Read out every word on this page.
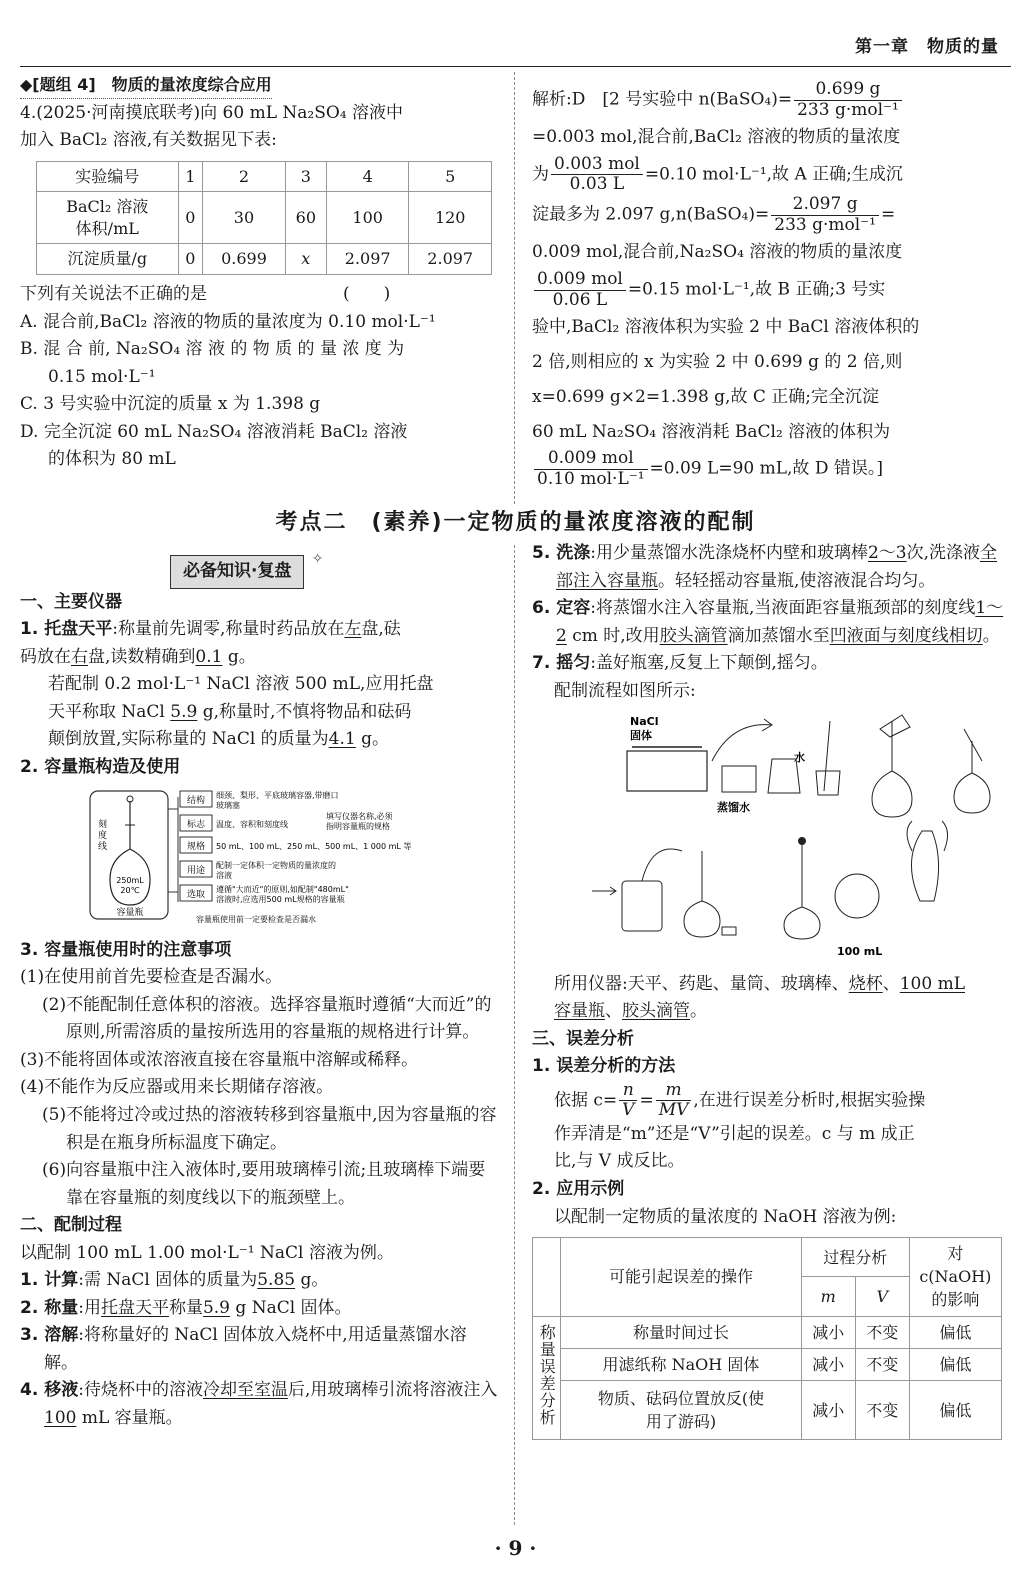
第一章　物质的量

◆[题组 4]　物质的量浓度综合应用

4.(2025·河南摸底联考)向 60 mL Na₂SO₄ 溶液中

加入 BaCl₂ 溶液,有关数据见下表:

实验编号	1	2	3	4	5
BaCl₂ 溶液
体积/mL	0	30	60	100	120
沉淀质量/g	0	0.699	x	2.097	2.097

下列有关说法不正确的是　　　　　　　　(　　)

A. 混合前,BaCl₂ 溶液的物质的量浓度为 0.10 mol·L⁻¹

B. 混 合 前, Na₂SO₄ 溶 液 的 物 质 的 量 浓 度 为

0.15 mol·L⁻¹

C. 3 号实验中沉淀的质量 x 为 1.398 g

D. 完全沉淀 60 mL Na₂SO₄ 溶液消耗 BaCl₂ 溶液

的体积为 80 mL

解析:D　[2 号实验中 n(BaSO₄)= $\frac{0.699 g}{\text{233 g·mol⁻¹}}$

=0.003 mol,混合前,BaCl₂ 溶液的物质的量浓度

为 $\frac{\text{0.003 mol}}{0.03 L} =0.10$ mol·L⁻¹,故 A 正确;生成沉

淀最多为 2.097 g,n(BaSO₄)= $\frac{2.097 g}{\text{233 g·mol⁻¹}}$ =

0.009 mol,混合前,Na₂SO₄ 溶液的物质的量浓度

$\frac{\text{0.009 mol}}{0.06 L} =0.15$ mol·L⁻¹,故 B 正确;3 号实

验中,BaCl₂ 溶液体积为实验 2 中 BaCl 溶液体积的

2 倍,则相应的 x 为实验 2 中 0.699 g 的 2 倍,则

x=0.699 g×2=1.398 g,故 C 正确;完全沉淀

60 mL Na₂SO₄ 溶液消耗 BaCl₂ 溶液的体积为

$\frac{\text{0.009 mol}}{\text{0.10 mol·L⁻¹}} =0.09$ L=90 mL,故 D 错误。]

考点二　(素养)一定物质的量浓度溶液的配制

必备知识·复盘
✧

一、主要仪器

1. 托盘天平:称量前先调零,称量时药品放在左盘,砝

码放在右盘,读数精确到0.1 g。

若配制 0.2 mol·L⁻¹ NaCl 溶液 500 mL,应用托盘

天平称取 NaCl 5.9 g,称量时,不慎将物品和砝码

颠倒放置,实际称量的 NaCl 的质量为4.1 g。

2. 容量瓶构造及使用

刻度线
250mL
20℃
容量瓶
结构
细颈、梨形、平底玻璃容器,带磨口
玻璃塞
标志 温度、容积和刻度线
填写仪器名称,必须指明容量瓶的规格
规格 50 mL、100 mL、250 mL、500 mL、1 000 mL 等
用途
配制一定体积一定物质的量浓度的
溶液
选取
遵循"大而近"的原则,如配制"480mL"
溶液时,应选用500 mL规格的容量瓶
容量瓶使用前一定要检查是否漏水

3. 容量瓶使用时的注意事项

(1)在使用前首先要检查是否漏水。

(2)不能配制任意体积的溶液。选择容量瓶时遵循“大而近”的原则,所需溶质的量按所选用的容量瓶的规格进行计算。

(3)不能将固体或浓溶液直接在容量瓶中溶解或稀释。

(4)不能作为反应器或用来长期储存溶液。

(5)不能将过冷或过热的溶液转移到容量瓶中,因为容量瓶的容积是在瓶身所标温度下确定。

(6)向容量瓶中注入液体时,要用玻璃棒引流;且玻璃棒下端要靠在容量瓶的刻度线以下的瓶颈壁上。

二、配制过程

以配制 100 mL 1.00 mol·L⁻¹ NaCl 溶液为例。

1. 计算:需 NaCl 固体的质量为5.85 g。

2. 称量:用托盘天平称量5.9 g NaCl 固体。

3. 溶解:将称量好的 NaCl 固体放入烧杯中,用适量蒸馏水溶解。

4. 移液:待烧杯中的溶液冷却至室温后,用玻璃棒引流将溶液注入100 mL 容量瓶。

5. 洗涤:用少量蒸馏水洗涤烧杯内壁和玻璃棒2～3次,洗涤液全部注入容量瓶。轻轻摇动容量瓶,使溶液混合均匀。

6. 定容:将蒸馏水注入容量瓶,当液面距容量瓶颈部的刻度线1～2 cm 时,改用胶头滴管滴加蒸馏水至凹液面与刻度线相切。

7. 摇匀:盖好瓶塞,反复上下颠倒,摇匀。

配制流程如图所示:

NaCl
固体
水
蒸馏水
100 mL

所用仪器:天平、药匙、量筒、玻璃棒、烧杯、100 mL

容量瓶、胶头滴管。

三、误差分析

1. 误差分析的方法

依据 $c= \frac{n}{V} = \frac{m}{MV}$ ,在进行误差分析时,根据实验操

作弄清是“m”还是“V”引起的误差。c 与 m 成正

比,与 V 成反比。

2. 应用示例

以配制一定物质的量浓度的 NaOH 溶液为例:

	可能引起误差的操作	过程分析		对 c(NaOH)
的影响
		m	V	
称量误差分析	称量时间过长	减小	不变	偏低
	用滤纸称 NaOH 固体	减小	不变	偏低
	物质、砝码位置放反(使用了游码)	减小	不变	偏低
· 9 ·
